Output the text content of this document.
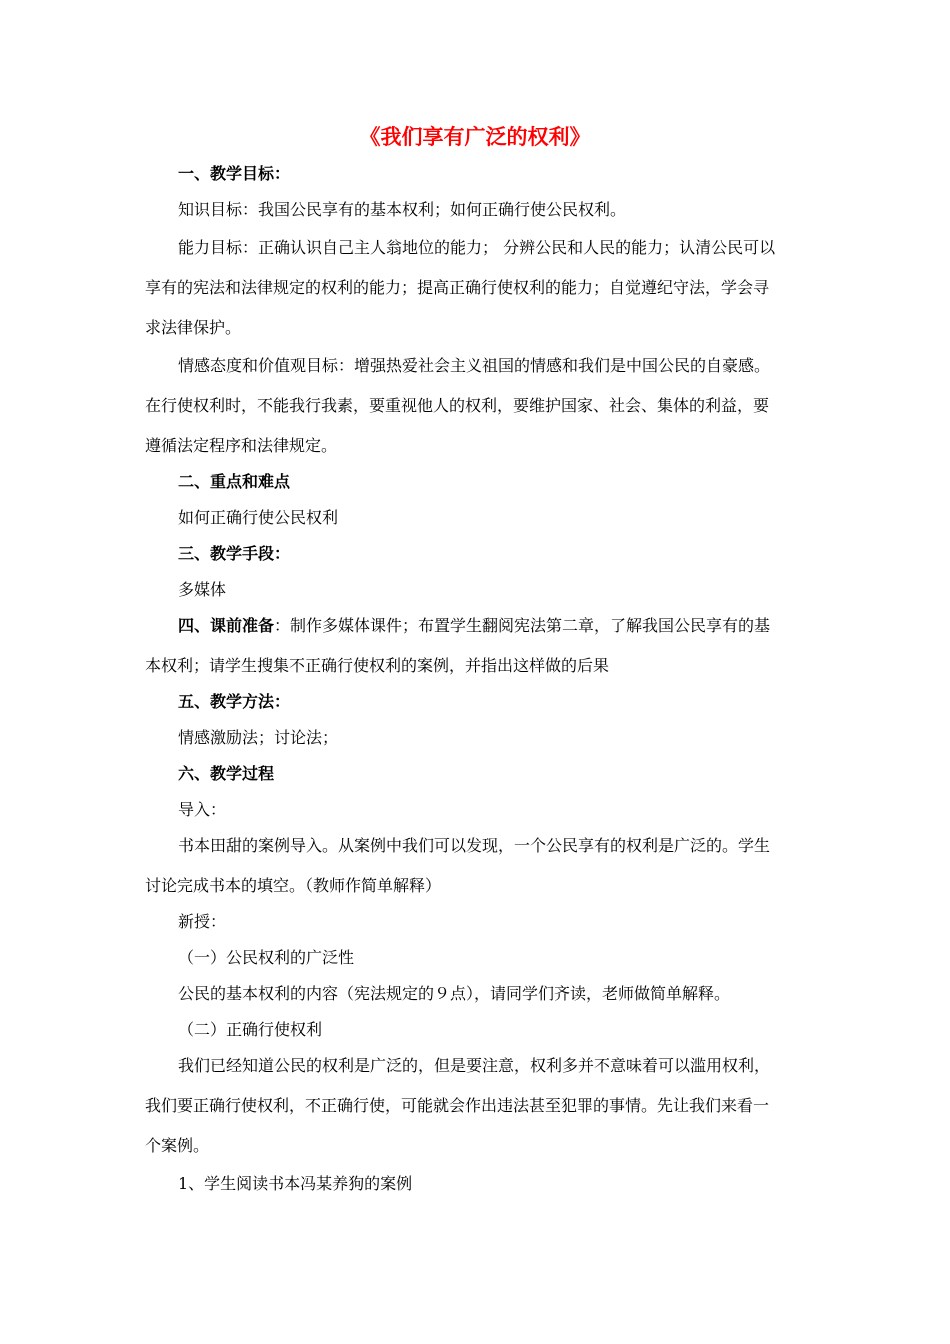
《我们享有广泛的权利》

一、教学目标：

知识目标：我国公民享有的基本权利；如何正确行使公民权利。

能力目标：正确认识自己主人翁地位的能力； 分辨公民和人民的能力；认清公民可以

享有的宪法和法律规定的权利的能力；提高正确行使权利的能力；自觉遵纪守法，学会寻

求法律保护。

情感态度和价值观目标：增强热爱社会主义祖国的情感和我们是中国公民的自豪感。

在行使权利时，不能我行我素，要重视他人的权利，要维护国家、社会、集体的利益，要

遵循法定程序和法律规定。

二、重点和难点

如何正确行使公民权利

三、教学手段：

多媒体

四、课前准备：制作多媒体课件；布置学生翻阅宪法第二章，了解我国公民享有的基

本权利；请学生搜集不正确行使权利的案例，并指出这样做的后果

五、教学方法：

情感激励法；讨论法；

六、教学过程

导入：

书本田甜的案例导入。从案例中我们可以发现，一个公民享有的权利是广泛的。学生

讨论完成书本的填空。（教师作简单解释）

新授：

（一）公民权利的广泛性

公民的基本权利的内容（宪法规定的９点），请同学们齐读，老师做简单解释。

（二）正确行使权利

我们已经知道公民的权利是广泛的，但是要注意，权利多并不意味着可以滥用权利，

我们要正确行使权利，不正确行使，可能就会作出违法甚至犯罪的事情。先让我们来看一

个案例。

1、学生阅读书本冯某养狗的案例
